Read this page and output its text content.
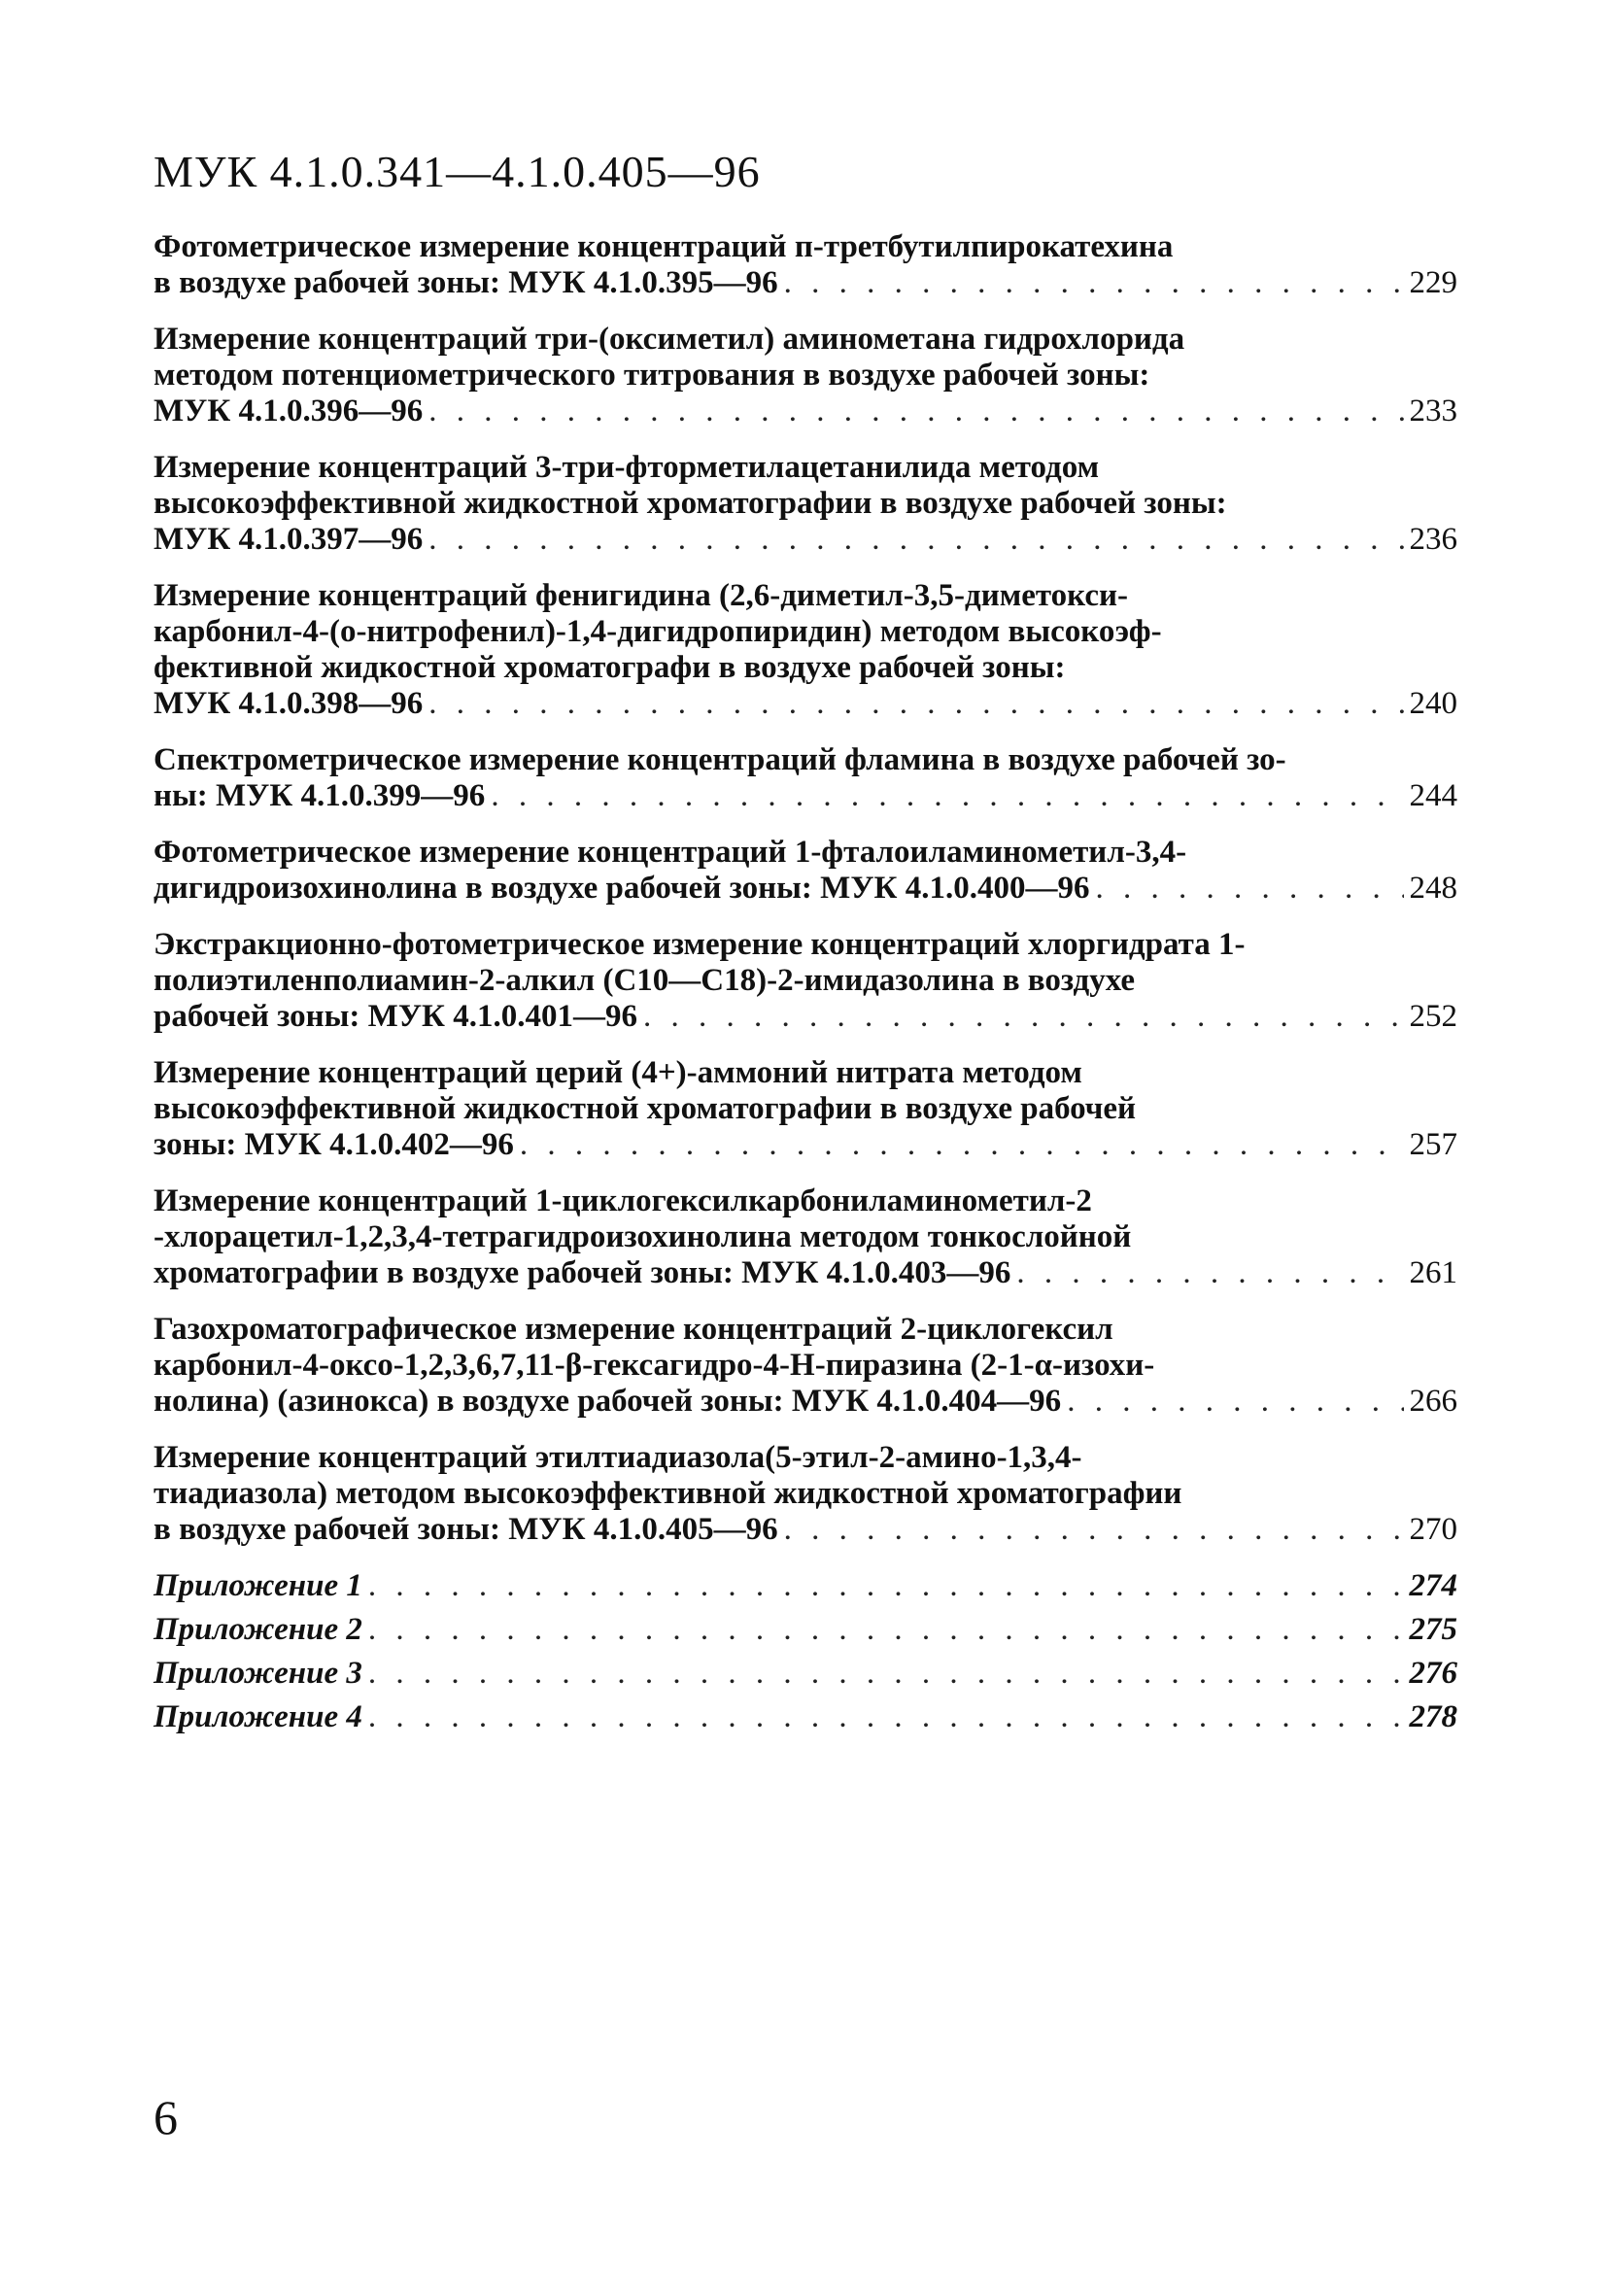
МУК 4.1.0.341—4.1.0.405—96
Фотометрическое измерение концентраций п-третбутилпирокатехина
в воздухе рабочей зоны: МУК 4.1.0.395—96 . . .	229
Измерение концентраций три-(оксиметил) аминометана гидрохлорида
методом потенциометрического титрования в воздухе рабочей зоны:
МУК 4.1.0.396—96 . . .	233
Измерение концентраций 3-три-фторметилацетанилида методом
высокоэффективной жидкостной хроматографии в воздухе рабочей зоны:
МУК 4.1.0.397—96 . . .	236
Измерение концентраций фенигидина (2,6-диметил-3,5-диметокси-
карбонил-4-(о-нитрофенил)-1,4-дигидропиридин) методом высокоэф-
фективной жидкостной хроматографи в воздухе рабочей зоны:
МУК 4.1.0.398—96 . . .	240
Спектрометрическое измерение концентраций фламина в воздухе рабочей зо-
ны: МУК 4.1.0.399—96 . . .	244
Фотометрическое измерение концентраций 1-фталоиламинометил-3,4-
дигидроизохинолина в воздухе рабочей зоны: МУК 4.1.0.400—96 . . .	248
Экстракционно-фотометрическое измерение концентраций хлоргидрата 1-
полиэтиленполиамин-2-алкил (C10—C18)-2-имидазолина в воздухе
рабочей зоны: МУК 4.1.0.401—96 . . .	252
Измерение концентраций церий (4+)-аммоний нитрата методом
высокоэффективной жидкостной хроматографии в воздухе рабочей
зоны: МУК 4.1.0.402—96 . . .	257
Измерение концентраций 1-циклогексилкарбониламинометил-2
-хлорацетил-1,2,3,4-тетрагидроизохинолина методом тонкослойной
хроматографии в воздухе рабочей зоны: МУК 4.1.0.403—96 . . .	261
Газохроматографическое измерение концентраций 2-циклогексил
карбонил-4-оксо-1,2,3,6,7,11-β-гексагидро-4-Н-пиразина (2-1-α-изохи-
нолина) (азинокса) в воздухе рабочей зоны: МУК 4.1.0.404—96 . . .	266
Измерение концентраций этилтиадиазола(5-этил-2-амино-1,3,4-
тиадиазола) методом высокоэффективной жидкостной хроматографии
в воздухе рабочей зоны: МУК 4.1.0.405—96 . . .	270
Приложение 1 . . .	274
Приложение 2 . . .	275
Приложение 3 . . .	276
Приложение 4 . . .	278
6
